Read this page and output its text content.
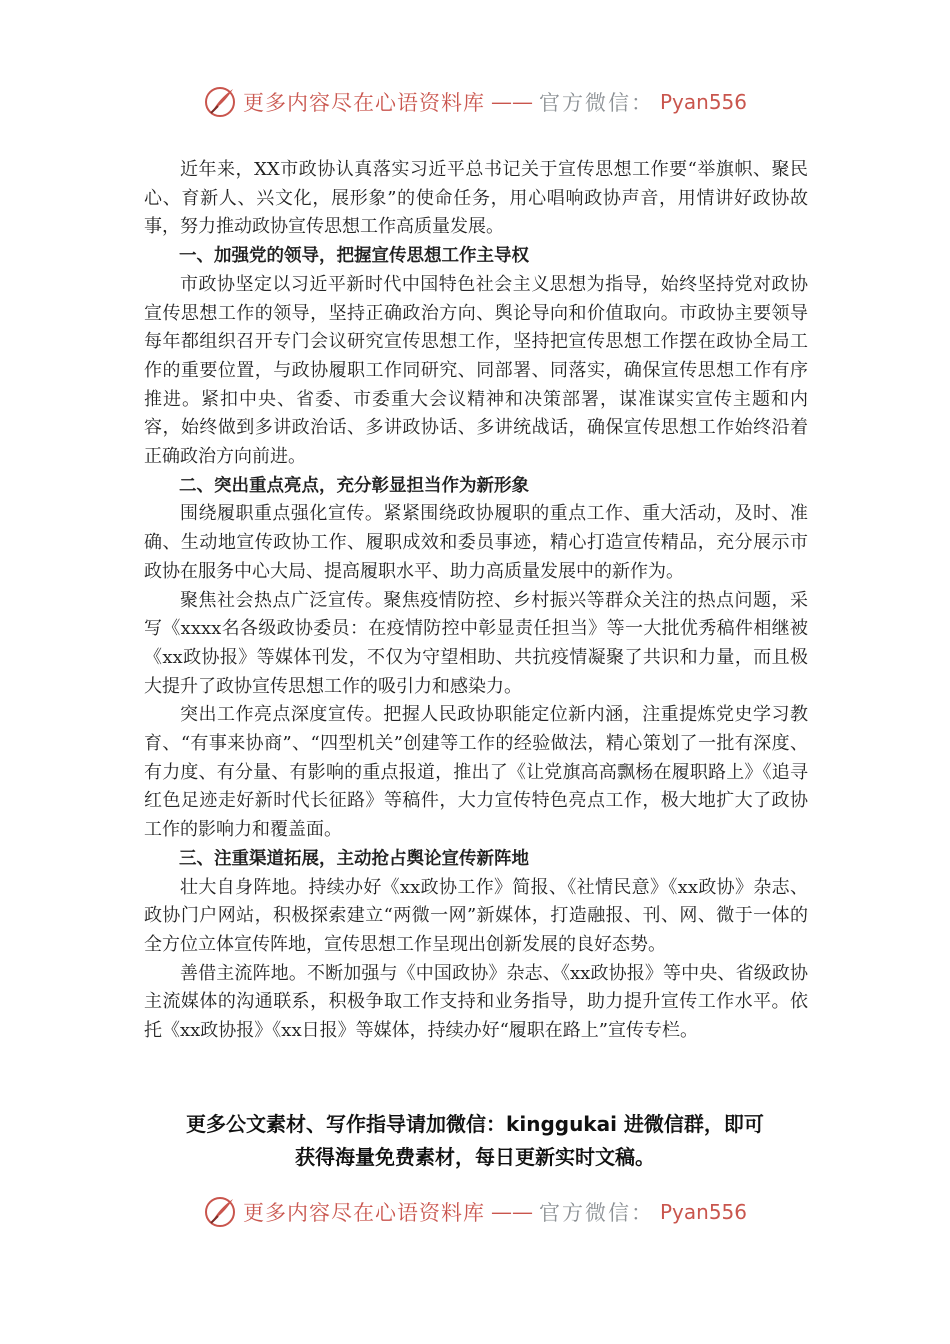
更多内容尽在心语资料库 —— 官方微信： Pyan556

近年来，XX市政协认真落实习近平总书记关于宣传思想工作要“举旗帜、聚民心、育新人、兴文化，展形象”的使命任务，用心唱响政协声音，用情讲好政协故事，努力推动政协宣传思想工作高质量发展。

一、加强党的领导，把握宣传思想工作主导权

市政协坚定以习近平新时代中国特色社会主义思想为指导，始终坚持党对政协宣传思想工作的领导，坚持正确政治方向、舆论导向和价值取向。市政协主要领导每年都组织召开专门会议研究宣传思想工作，坚持把宣传思想工作摆在政协全局工作的重要位置，与政协履职工作同研究、同部署、同落实，确保宣传思想工作有序推进。紧扣中央、省委、市委重大会议精神和决策部署，谋准谋实宣传主题和内容，始终做到多讲政治话、多讲政协话、多讲统战话，确保宣传思想工作始终沿着正确政治方向前进。

二、突出重点亮点，充分彰显担当作为新形象

围绕履职重点强化宣传。紧紧围绕政协履职的重点工作、重大活动，及时、准确、生动地宣传政协工作、履职成效和委员事迹，精心打造宣传精品，充分展示市政协在服务中心大局、提高履职水平、助力高质量发展中的新作为。

聚焦社会热点广泛宣传。聚焦疫情防控、乡村振兴等群众关注的热点问题，采写《xxxx名各级政协委员：在疫情防控中彰显责任担当》等一大批优秀稿件相继被《xx政协报》等媒体刊发，不仅为守望相助、共抗疫情凝聚了共识和力量，而且极大提升了政协宣传思想工作的吸引力和感染力。

突出工作亮点深度宣传。把握人民政协职能定位新内涵，注重提炼党史学习教育、“有事来协商”、“四型机关”创建等工作的经验做法，精心策划了一批有深度、有力度、有分量、有影响的重点报道，推出了《让党旗高高飘杨在履职路上》《追寻红色足迹走好新时代长征路》等稿件，大力宣传特色亮点工作，极大地扩大了政协工作的影响力和覆盖面。

三、注重渠道拓展，主动抢占舆论宣传新阵地

壮大自身阵地。持续办好《xx政协工作》简报、《社情民意》《xx政协》杂志、政协门户网站，积极探索建立“两微一网”新媒体，打造融报、刊、网、微于一体的全方位立体宣传阵地，宣传思想工作呈现出创新发展的良好态势。

善借主流阵地。不断加强与《中国政协》杂志、《xx政协报》等中央、省级政协主流媒体的沟通联系，积极争取工作支持和业务指导，助力提升宣传工作水平。依托《xx政协报》《xx日报》等媒体，持续办好“履职在路上”宣传专栏。

更多公文素材、写作指导请加微信：kinggukai 进微信群，即可
获得海量免费素材，每日更新实时文稿。
更多内容尽在心语资料库 —— 官方微信： Pyan556
